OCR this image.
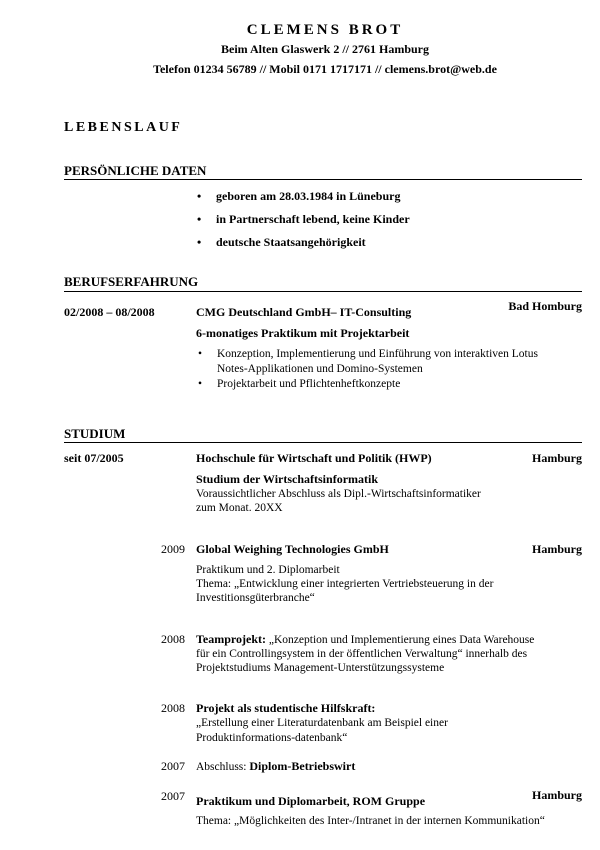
CLEMENS BROT
Beim Alten Glaswerk 2 // 2761 Hamburg
Telefon 01234 56789 // Mobil 0171 1717171 // clemens.brot@web.de
LEBENSLAUF
PERSÖNLICHE DATEN
• geboren am 28.03.1984 in Lüneburg
• in Partnerschaft lebend, keine Kinder
• deutsche Staatsangehörigkeit
BERUFSERFAHRUNG
02/2008 – 08/2008	CMG Deutschland GmbH– IT-Consulting	Bad Homburg
6-monatiges Praktikum mit Projektarbeit
• Konzeption, Implementierung und Einführung von interaktiven Lotus
Notes-Applikationen und Domino-Systemen
• Projektarbeit und Pflichtenheftkonzepte
STUDIUM
seit 07/2005	Hochschule für Wirtschaft und Politik (HWP)	Hamburg
Studium der Wirtschaftsinformatik
Voraussichtlicher Abschluss als Dipl.-Wirtschaftsinformatiker
zum Monat. 20XX
2009 Global Weighing Technologies GmbH	Hamburg
Praktikum und 2. Diplomarbeit
Thema: „Entwicklung einer integrierten Vertriebsteuerung in der
Investitionsgüterbranche“
2008 Teamprojekt: „Konzeption und Implementierung eines Data Warehouse
für ein Controllingsystem in der öffentlichen Verwaltung“ innerhalb des
Projektstudiums Management-Unterstützungssysteme
2008 Projekt als studentische Hilfskraft:
„Erstellung einer Literaturdatenbank am Beispiel einer
Produktinformations-datenbank“
2007 Abschluss: Diplom-Betriebswirt
2007 Praktikum und Diplomarbeit, ROM Gruppe	Hamburg
Thema: „Möglichkeiten des Inter-/Intranet in der internen Kommunikation“
